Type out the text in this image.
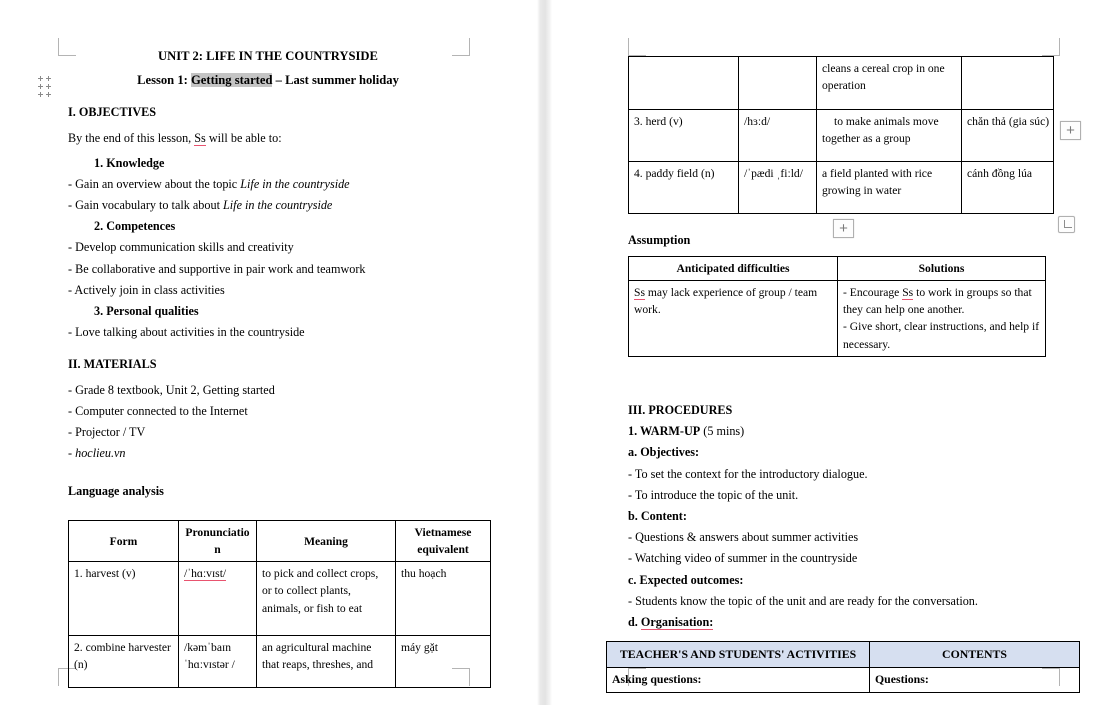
UNIT 2: LIFE IN THE COUNTRYSIDE

Lesson 1: Getting started – Last summer holiday

I. OBJECTIVES

By the end of this lesson, Ss will be able to:

1. Knowledge

- Gain an overview about the topic Life in the countryside

- Gain vocabulary to talk about Life in the countryside

2. Competences

- Develop communication skills and creativity

- Be collaborative and supportive in pair work and teamwork

- Actively join in class activities

3. Personal qualities

- Love talking about activities in the countryside

II. MATERIALS

- Grade 8 textbook, Unit 2, Getting started

- Computer connected to the Internet

- Projector / TV

- hoclieu.vn

Language analysis

Form	Pronunciatio n	Meaning	Vietnamese equivalent
1. harvest (v)	/ˈhɑːvɪst/	to pick and collect crops, or to collect plants, animals, or fish to eat	thu hoạch
2. combine harvester (n)	/kəmˈbaɪn ˈhɑːvɪstər /	an agricultural machine that reaps, threshes, and	máy gặt
		cleans a cereal crop in one operation	
3. herd (v)	/hɜːd/	to make animals move together as a group	chăn thả (gia súc)
4. paddy field (n)	/ˈpædi ˌfiːld/	a field planted with rice growing in water	cánh đồng lúa
+
+

Assumption

Anticipated difficulties	Solutions
Ss may lack experience of group / team work.	- Encourage Ss to work in groups so that they can help one another.
- Give short, clear instructions, and help if necessary.

III. PROCEDURES

1. WARM-UP (5 mins)

a. Objectives:

- To set the context for the introductory dialogue.

- To introduce the topic of the unit.

b. Content:

- Questions & answers about summer activities

- Watching video of summer in the countryside

c. Expected outcomes:

- Students know the topic of the unit and are ready for the conversation.

d. Organisation:

TEACHER'S AND STUDENTS' ACTIVITIES	CONTENTS
Asking questions:	Questions:
